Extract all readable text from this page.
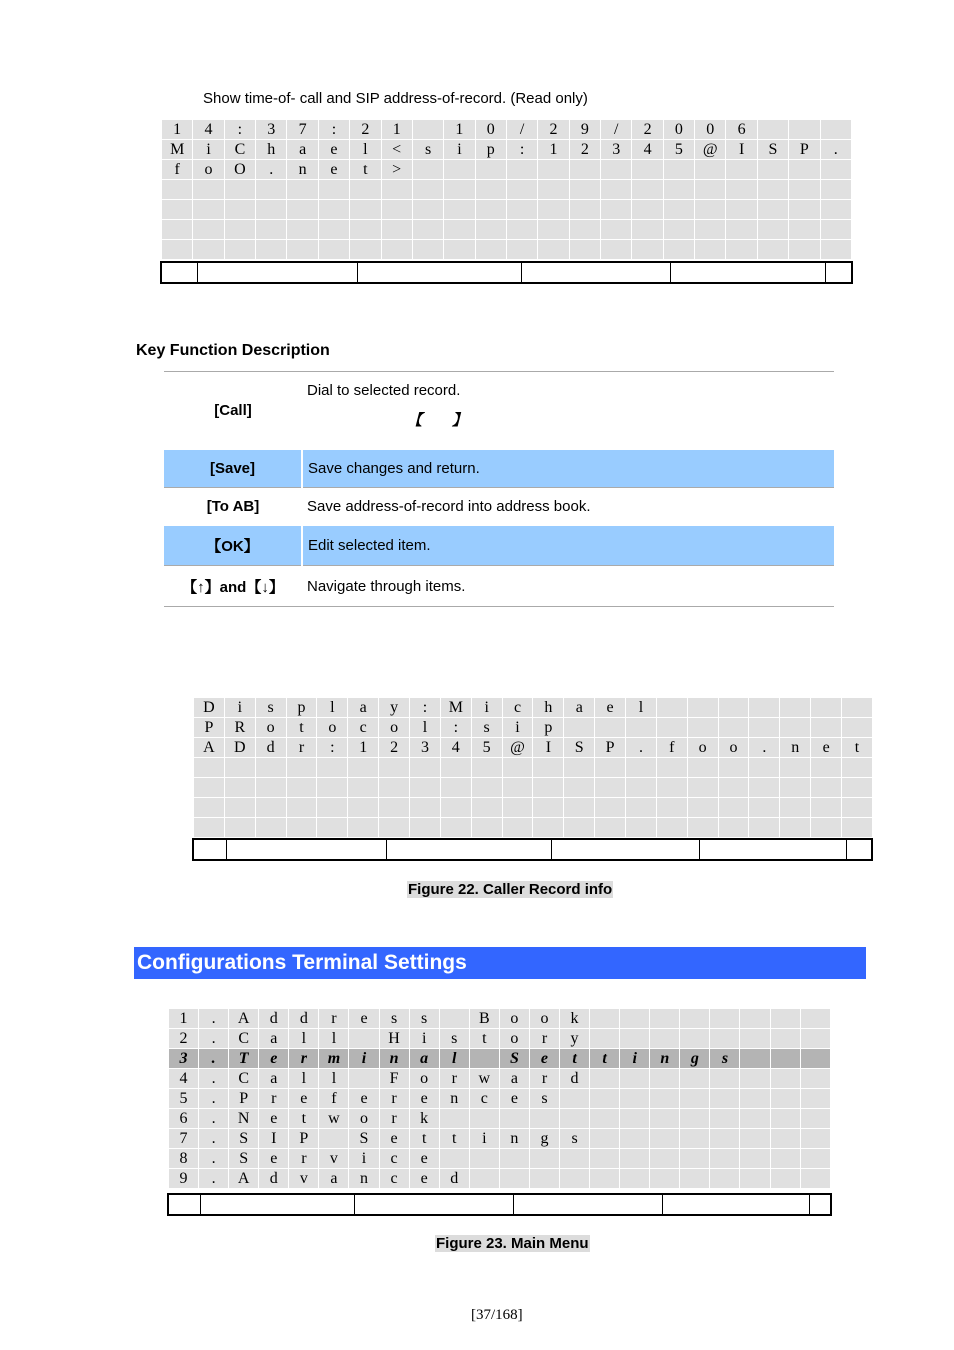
Show time-of- call and SIP address-of-record. (Read only)
1	4	:	3	7	:	2	1		1	0	/	2	9	/	2	0	0	6			
M	i	C	h	a	e	l	<	s	i	p	:	1	2	3	4	5	@	I	S	P	.
f	o	O	.	n	e	t	>														

Key Function Description
[Call]	Dial to selected record.
【　　】

[Save]	Save changes and return.
[To AB]	Save address-of-record into address book.
【OK】	Edit selected item.
【↑】and【↓】	Navigate through items.
D	i	s	p	l	a	y	:	M	i	c	h	a	e	l							
P	R	o	t	o	c	o	l	:	s	i	p										
A	D	d	r	:	1	2	3	4	5	@	I	S	P	.	f	o	o	.	n	e	t

Figure 22. Caller Record info
Configurations Terminal Settings
1	.	A	d	d	r	e	s	s		B	o	o	k								
2	.	C	a	l	l		H	i	s	t	o	r	y								
3	.	T	e	r	m	i	n	a	l		S	e	t	t	i	n	g	s			
4	.	C	a	l	l		F	o	r	w	a	r	d								
5	.	P	r	e	f	e	r	e	n	c	e	s									
6	.	N	e	t	w	o	r	k													
7	.	S	I	P		S	e	t	t	i	n	g	s								
8	.	S	e	r	v	i	c	e													
9	.	A	d	v	a	n	c	e	d												
Figure 23. Main Menu
[37/168]
